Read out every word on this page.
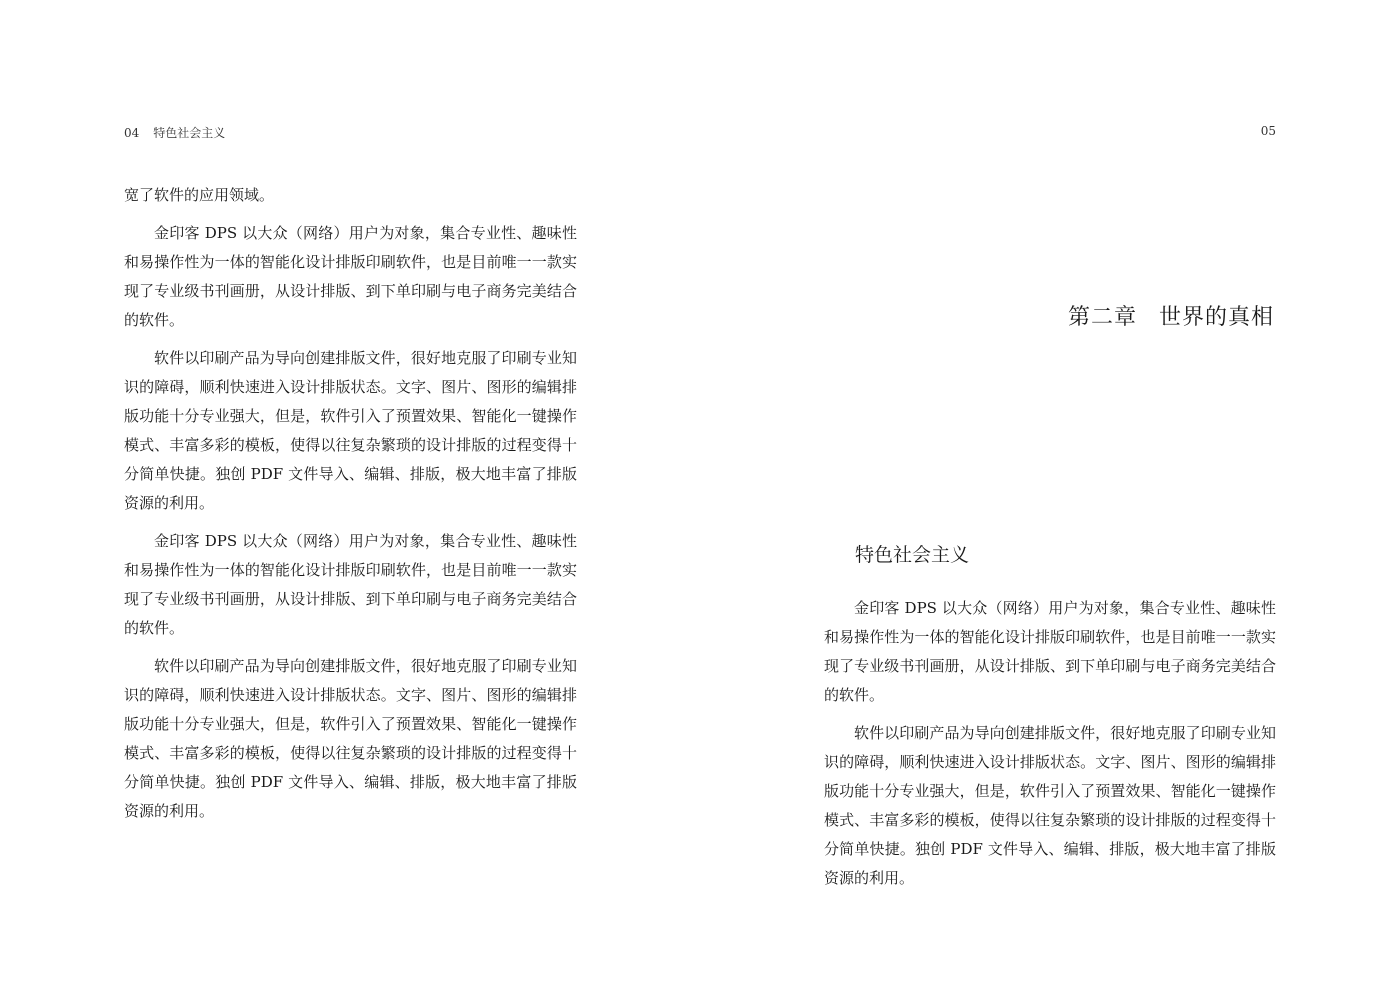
04 特色社会主义

宽了软件的应用领域。

金印客 DPS 以大众（网络）用户为对象，集合专业性、趣味性和易操作性为一体的智能化设计排版印刷软件，也是目前唯一一款实现了专业级书刊画册，从设计排版、到下单印刷与电子商务完美结合的软件。

软件以印刷产品为导向创建排版文件，很好地克服了印刷专业知识的障碍，顺利快速进入设计排版状态。文字、图片、图形的编辑排版功能十分专业强大，但是，软件引入了预置效果、智能化一键操作模式、丰富多彩的模板，使得以往复杂繁琐的设计排版的过程变得十分简单快捷。独创 PDF 文件导入、编辑、排版，极大地丰富了排版资源的利用。

金印客 DPS 以大众（网络）用户为对象，集合专业性、趣味性和易操作性为一体的智能化设计排版印刷软件，也是目前唯一一款实现了专业级书刊画册，从设计排版、到下单印刷与电子商务完美结合的软件。

软件以印刷产品为导向创建排版文件，很好地克服了印刷专业知识的障碍，顺利快速进入设计排版状态。文字、图片、图形的编辑排版功能十分专业强大，但是，软件引入了预置效果、智能化一键操作模式、丰富多彩的模板，使得以往复杂繁琐的设计排版的过程变得十分简单快捷。独创 PDF 文件导入、编辑、排版，极大地丰富了排版资源的利用。

05
第二章 世界的真相
特色社会主义

金印客 DPS 以大众（网络）用户为对象，集合专业性、趣味性和易操作性为一体的智能化设计排版印刷软件，也是目前唯一一款实现了专业级书刊画册，从设计排版、到下单印刷与电子商务完美结合的软件。

软件以印刷产品为导向创建排版文件，很好地克服了印刷专业知识的障碍，顺利快速进入设计排版状态。文字、图片、图形的编辑排版功能十分专业强大，但是，软件引入了预置效果、智能化一键操作模式、丰富多彩的模板，使得以往复杂繁琐的设计排版的过程变得十分简单快捷。独创 PDF 文件导入、编辑、排版，极大地丰富了排版资源的利用。
